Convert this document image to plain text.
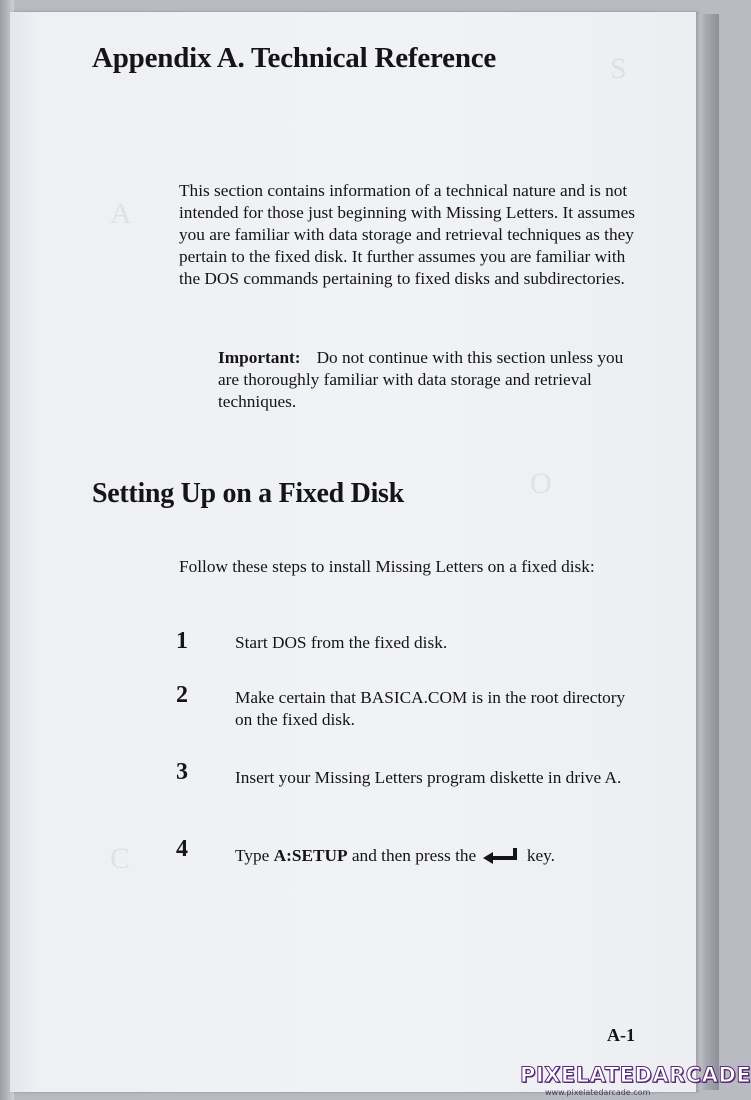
S
A
O
C
Appendix A. Technical Reference

This section contains information of a technical nature and is not intended for those just beginning with Missing Letters. It assumes you are familiar with data storage and retrieval techniques as they pertain to the fixed disk. It further assumes you are familiar with the DOS commands pertaining to fixed disks and subdirectories.

Important: Do not continue with this section unless you are thoroughly familiar with data storage and retrieval techniques.

Setting Up on a Fixed Disk

Follow these steps to install Missing Letters on a fixed disk:

1	Start DOS from the fixed disk.

2	Make certain that BASICA.COM is in the root directory on the fixed disk.

3	Insert your Missing Letters program diskette in drive A.

4	Type A:SETUP and then press the	key.

A-1
PIXELATEDARCADE
www.pixelatedarcade.com
